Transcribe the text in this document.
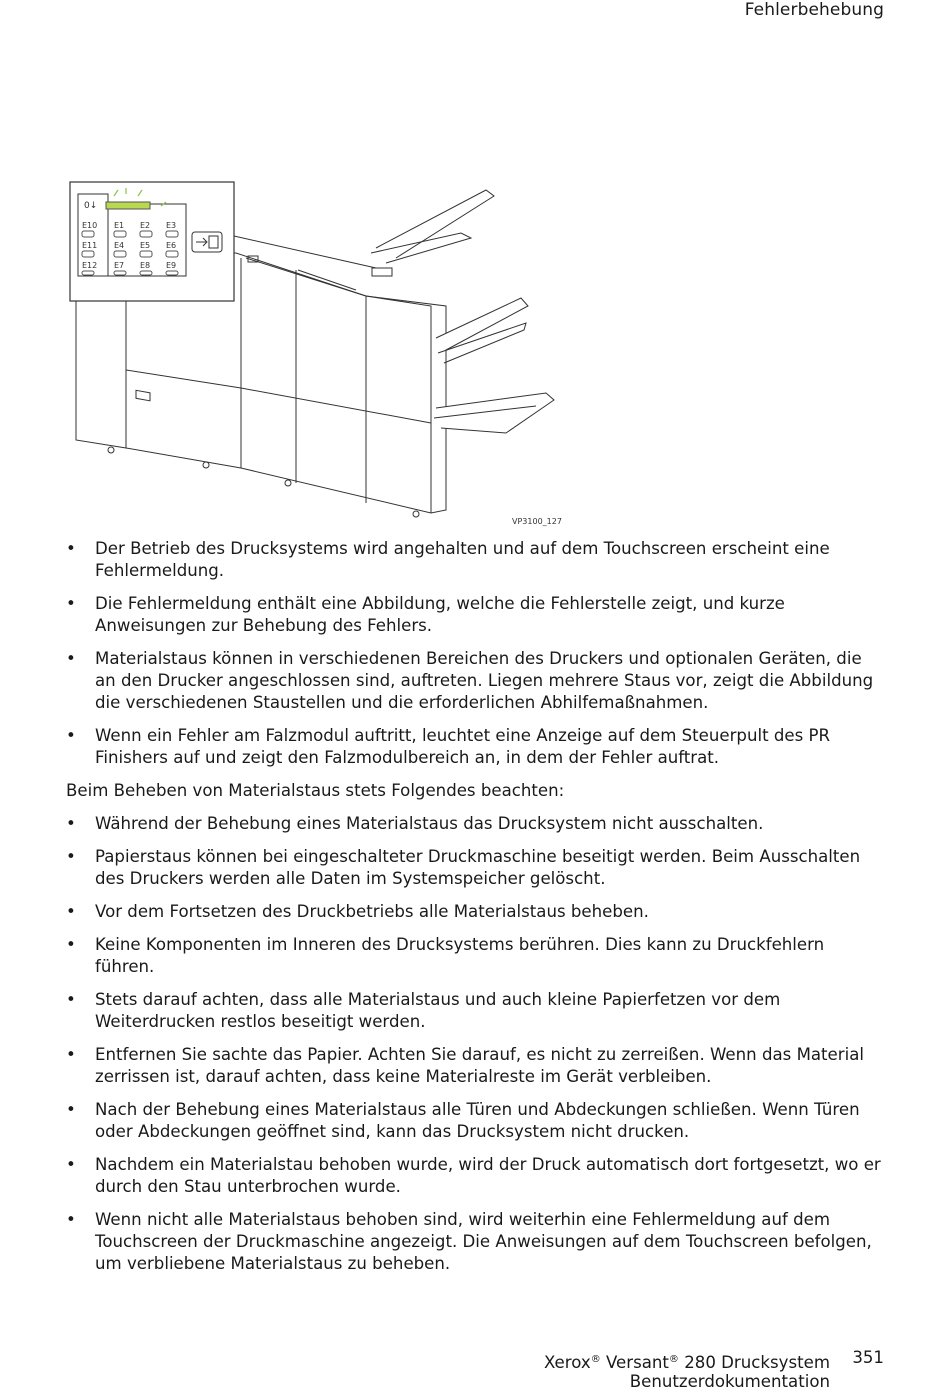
Fehlerbehebung
0↓
E10 E1 E2 E3
E11 E4 E5 E6
E12 E7 E8 E9
VP3100_127
• Der Betrieb des Drucksystems wird angehalten und auf dem Touchscreen erscheint eine Fehlermeldung.
• Die Fehlermeldung enthält eine Abbildung, welche die Fehlerstelle zeigt, und kurze Anweisungen zur Behebung des Fehlers.
• Materialstaus können in verschiedenen Bereichen des Druckers und optionalen Geräten, die an den Drucker angeschlossen sind, auftreten. Liegen mehrere Staus vor, zeigt die Abbildung die verschiedenen Staustellen und die erforderlichen Abhilfemaßnahmen.
• Wenn ein Fehler am Falzmodul auftritt, leuchtet eine Anzeige auf dem Steuerpult des PR Finishers auf und zeigt den Falzmodulbereich an, in dem der Fehler auftrat.

Beim Beheben von Materialstaus stets Folgendes beachten:

• Während der Behebung eines Materialstaus das Drucksystem nicht ausschalten.
• Papierstaus können bei eingeschalteter Druckmaschine beseitigt werden. Beim Ausschalten des Druckers werden alle Daten im Systemspeicher gelöscht.
• Vor dem Fortsetzen des Druckbetriebs alle Materialstaus beheben.
• Keine Komponenten im Inneren des Drucksystems berühren. Dies kann zu Druckfehlern führen.
• Stets darauf achten, dass alle Materialstaus und auch kleine Papierfetzen vor dem Weiterdrucken restlos beseitigt werden.
• Entfernen Sie sachte das Papier. Achten Sie darauf, es nicht zu zerreißen. Wenn das Material zerrissen ist, darauf achten, dass keine Materialreste im Gerät verbleiben.
• Nach der Behebung eines Materialstaus alle Türen und Abdeckungen schließen. Wenn Türen oder Abdeckungen geöffnet sind, kann das Drucksystem nicht drucken.
• Nachdem ein Materialstau behoben wurde, wird der Druck automatisch dort fortgesetzt, wo er durch den Stau unterbrochen wurde.
• Wenn nicht alle Materialstaus behoben sind, wird weiterhin eine Fehlermeldung auf dem Touchscreen der Druckmaschine angezeigt. Die Anweisungen auf dem Touchscreen befolgen, um verbliebene Materialstaus zu beheben.
Xerox® Versant® 280 Drucksystem
Benutzerdokumentation
351
